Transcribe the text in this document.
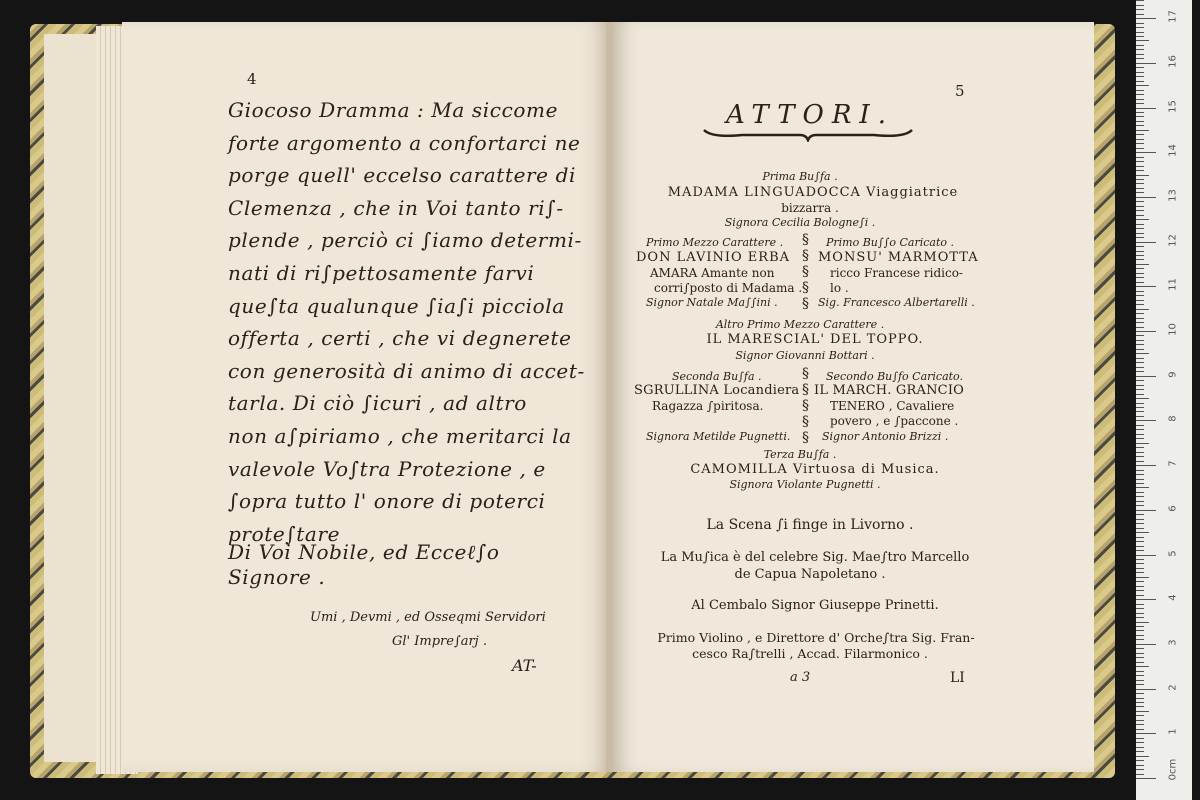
4
Giocoso Dramma : Ma siccome
forte argomento a confortarci ne
porge quell' eccelso carattere di
Clemenza , che in Voi tanto ri∫-
plende , perciò ci ∫iamo determi-
nati di ri∫pettosamente farvi
que∫ta qualunque ∫ia∫i picciola
offerta , certi , che vi degnerete
con generosità di animo di accet-
tarla. Di ciò ∫icuri , ad altro
non a∫piriamo , che meritarci la
valevole Vo∫tra Protezione , e
∫opra tutto l' onore di poterci
prote∫tare
Di Voi Nobile, ed Ecceℓ∫o Signore .
Umi , Devmi , ed Ossеqmi Servidori
Gl' Impre∫arj .
AT-
5
ATTORI.
Prima Bu∫fa .
MADAMA LINGUADOCCA Viaggiatrice
bizzarra .
Signora Cecilia Bologne∫i .
Primo Mezzo Carattere .
DON LAVINIO ERBA
AMARA Amante non
corri∫posto di Madama .
Signor Natale Ma∫∫ini .
§
§
§
§
§
Primo Bu∫∫o Caricato .
MONSU' MARMOTTA
ricco Francese ridico-
lo .
Sig. Francesco Albertarelli .
Altro Primo Mezzo Carattere .
IL MARESCIAL' DEL TOPPO.
Signor Giovanni Bottari .
Seconda Bu∫fa .
SGRULLINA Locandiera
Ragazza ∫piritosa.
Signora Metilde Pugnetti.
§
§
§
§
§
Secondo Bu∫fo Caricato.
IL MARCH. GRANCIO
TENERO , Cavaliere
povero , e ∫paccone .
Signor Antonio Brizzi .
Terza Bu∫fa .
CAMOMILLA Virtuosa di Musica.
Signora Violante Pugnetti .
La Scena ∫i finge in Livorno .
La Mu∫ica è del celebre Sig. Mae∫tro Marcello
de Capua Napoletano .
Al Cembalo Signor Giuseppe Prinetti.
Primo Violino , e Direttore d' Orche∫tra Sig. Fran-
cesco Ra∫trelli , Accad. Filarmonico .
a 3	LI
0cm
1
2
3
4
5
6
7
8
9
10
11
12
13
14
15
16
17
